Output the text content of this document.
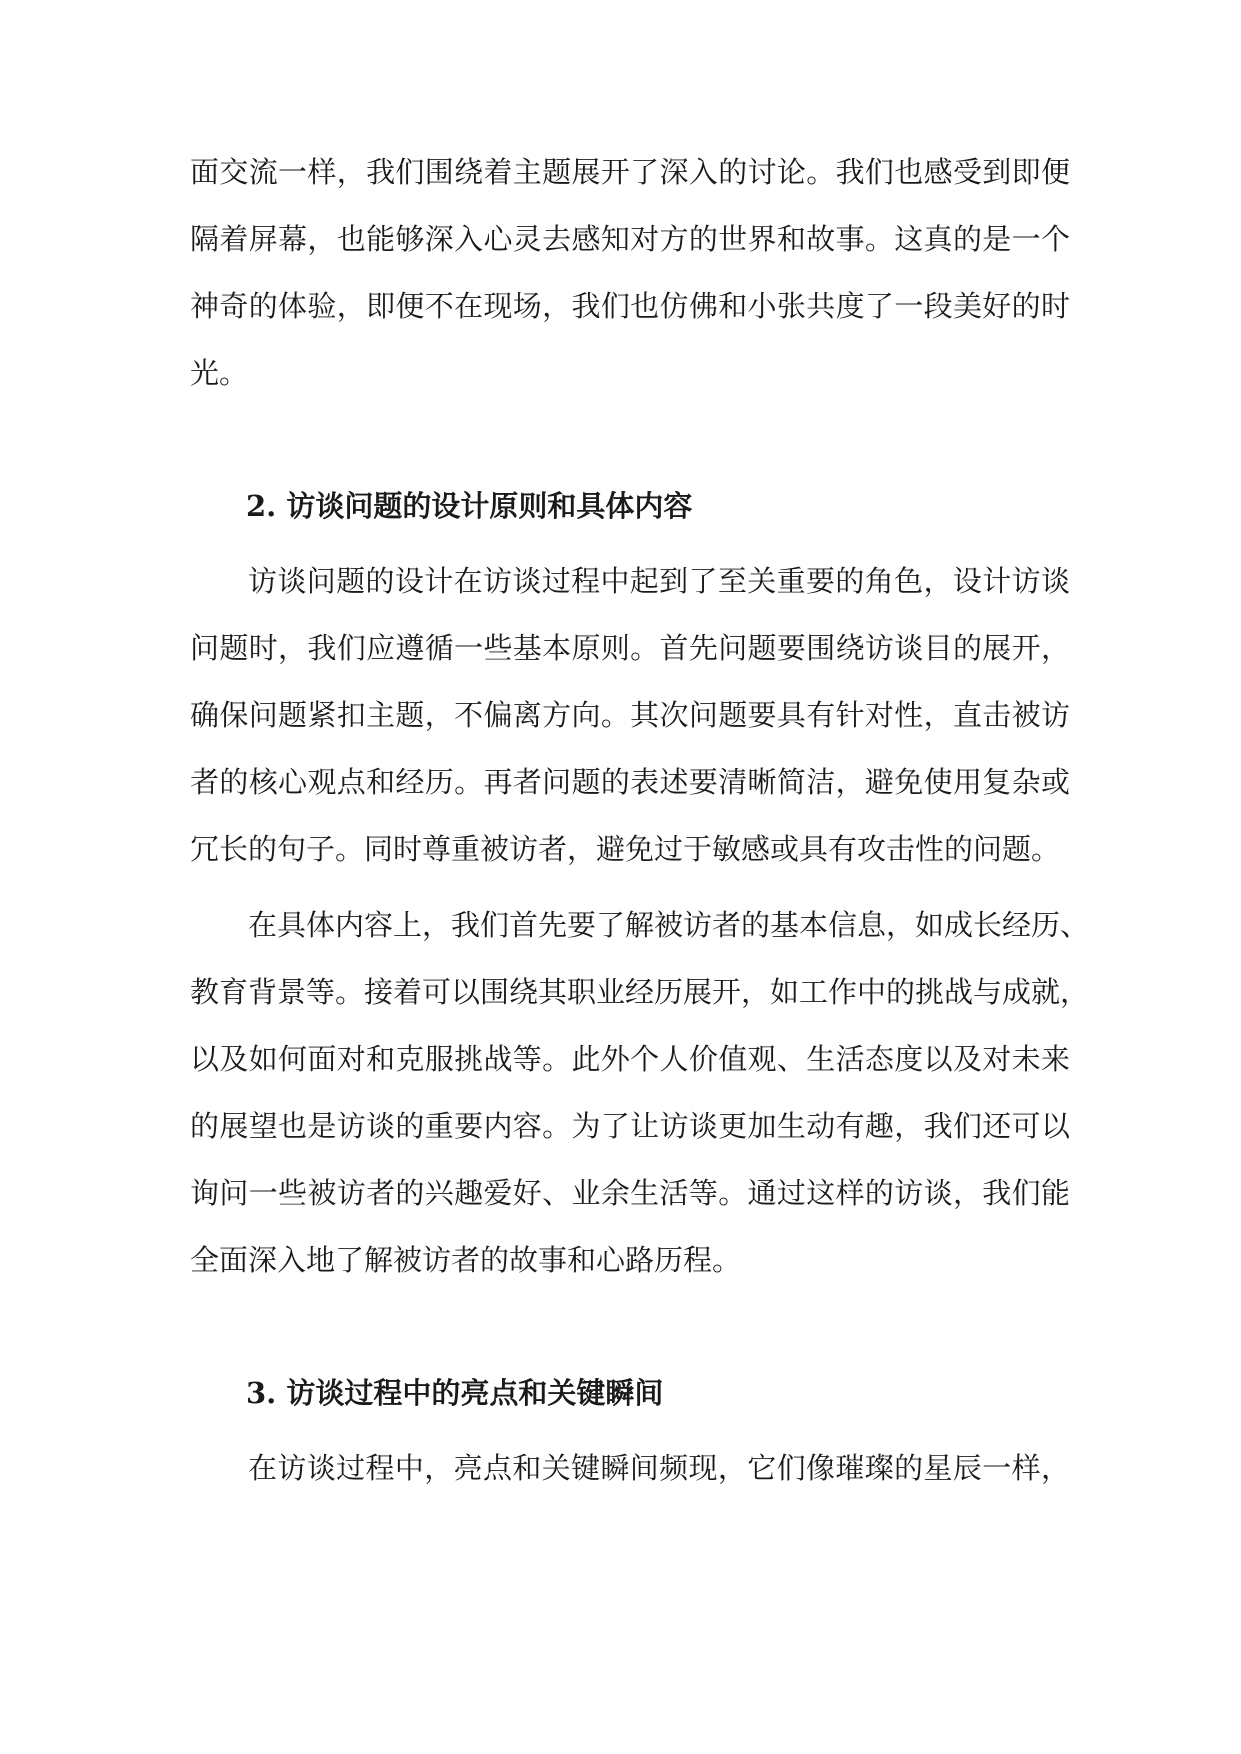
面交流一样，我们围绕着主题展开了深入的讨论。我们也感受到即便
隔着屏幕，也能够深入心灵去感知对方的世界和故事。这真的是一个
神奇的体验，即便不在现场，我们也仿佛和小张共度了一段美好的时
光。
2. 访谈问题的设计原则和具体内容
访谈问题的设计在访谈过程中起到了至关重要的角色，设计访谈
问题时，我们应遵循一些基本原则。首先问题要围绕访谈目的展开，
确保问题紧扣主题，不偏离方向。其次问题要具有针对性，直击被访
者的核心观点和经历。再者问题的表述要清晰简洁，避免使用复杂或
冗长的句子。同时尊重被访者，避免过于敏感或具有攻击性的问题。
在具体内容上，我们首先要了解被访者的基本信息，如成长经历、
教育背景等。接着可以围绕其职业经历展开，如工作中的挑战与成就，
以及如何面对和克服挑战等。此外个人价值观、生活态度以及对未来
的展望也是访谈的重要内容。为了让访谈更加生动有趣，我们还可以
询问一些被访者的兴趣爱好、业余生活等。通过这样的访谈，我们能
全面深入地了解被访者的故事和心路历程。
3. 访谈过程中的亮点和关键瞬间
在访谈过程中，亮点和关键瞬间频现，它们像璀璨的星辰一样，
